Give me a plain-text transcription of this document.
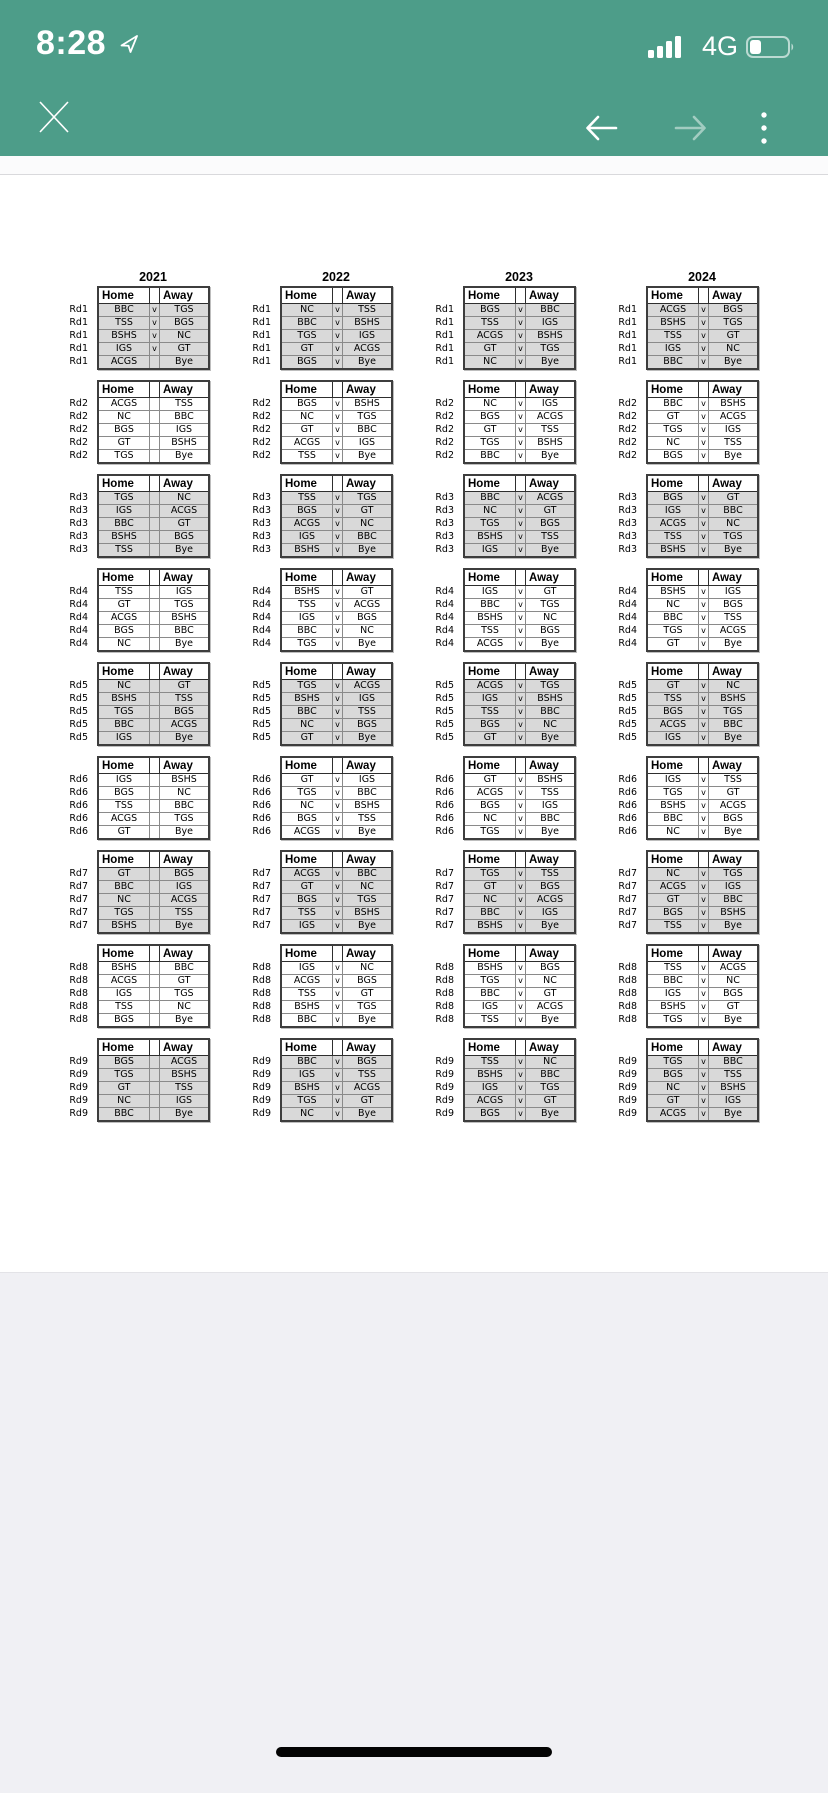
8:28	4G
2021
Rd1
Rd1
Rd1
Rd1
Rd1
Home		Away
BBC	v	TGS
TSS	v	BGS
BSHS	v	NC
IGS	v	GT
ACGS		Bye
Rd2
Rd2
Rd2
Rd2
Rd2
Home		Away
ACGS		TSS
NC		BBC
BGS		IGS
GT		BSHS
TGS		Bye
Rd3
Rd3
Rd3
Rd3
Rd3
Home		Away
TGS		NC
IGS		ACGS
BBC		GT
BSHS		BGS
TSS		Bye
Rd4
Rd4
Rd4
Rd4
Rd4
Home		Away
TSS		IGS
GT		TGS
ACGS		BSHS
BGS		BBC
NC		Bye
Rd5
Rd5
Rd5
Rd5
Rd5
Home		Away
NC		GT
BSHS		TSS
TGS		BGS
BBC		ACGS
IGS		Bye
Rd6
Rd6
Rd6
Rd6
Rd6
Home		Away
IGS		BSHS
BGS		NC
TSS		BBC
ACGS		TGS
GT		Bye
Rd7
Rd7
Rd7
Rd7
Rd7
Home		Away
GT		BGS
BBC		IGS
NC		ACGS
TGS		TSS
BSHS		Bye
Rd8
Rd8
Rd8
Rd8
Rd8
Home		Away
BSHS		BBC
ACGS		GT
IGS		TGS
TSS		NC
BGS		Bye
Rd9
Rd9
Rd9
Rd9
Rd9
Home		Away
BGS		ACGS
TGS		BSHS
GT		TSS
NC		IGS
BBC		Bye
2022
Rd1
Rd1
Rd1
Rd1
Rd1
Home		Away
NC	v	TSS
BBC	v	BSHS
TGS	v	IGS
GT	v	ACGS
BGS	v	Bye
Rd2
Rd2
Rd2
Rd2
Rd2
Home		Away
BGS	v	BSHS
NC	v	TGS
GT	v	BBC
ACGS	v	IGS
TSS	v	Bye
Rd3
Rd3
Rd3
Rd3
Rd3
Home		Away
TSS	v	TGS
BGS	v	GT
ACGS	v	NC
IGS	v	BBC
BSHS	v	Bye
Rd4
Rd4
Rd4
Rd4
Rd4
Home		Away
BSHS	v	GT
TSS	v	ACGS
IGS	v	BGS
BBC	v	NC
TGS	v	Bye
Rd5
Rd5
Rd5
Rd5
Rd5
Home		Away
TGS	v	ACGS
BSHS	v	IGS
BBC	v	TSS
NC	v	BGS
GT	v	Bye
Rd6
Rd6
Rd6
Rd6
Rd6
Home		Away
GT	v	IGS
TGS	v	BBC
NC	v	BSHS
BGS	v	TSS
ACGS	v	Bye
Rd7
Rd7
Rd7
Rd7
Rd7
Home		Away
ACGS	v	BBC
GT	v	NC
BGS	v	TGS
TSS	v	BSHS
IGS	v	Bye
Rd8
Rd8
Rd8
Rd8
Rd8
Home		Away
IGS	v	NC
ACGS	v	BGS
TSS	v	GT
BSHS	v	TGS
BBC	v	Bye
Rd9
Rd9
Rd9
Rd9
Rd9
Home		Away
BBC	v	BGS
IGS	v	TSS
BSHS	v	ACGS
TGS	v	GT
NC	v	Bye
2023
Rd1
Rd1
Rd1
Rd1
Rd1
Home		Away
BGS	v	BBC
TSS	v	IGS
ACGS	v	BSHS
GT	v	TGS
NC	v	Bye
Rd2
Rd2
Rd2
Rd2
Rd2
Home		Away
NC	v	IGS
BGS	v	ACGS
GT	v	TSS
TGS	v	BSHS
BBC	v	Bye
Rd3
Rd3
Rd3
Rd3
Rd3
Home		Away
BBC	v	ACGS
NC	v	GT
TGS	v	BGS
BSHS	v	TSS
IGS	v	Bye
Rd4
Rd4
Rd4
Rd4
Rd4
Home		Away
IGS	v	GT
BBC	v	TGS
BSHS	v	NC
TSS	v	BGS
ACGS	v	Bye
Rd5
Rd5
Rd5
Rd5
Rd5
Home		Away
ACGS	v	TGS
IGS	v	BSHS
TSS	v	BBC
BGS	v	NC
GT	v	Bye
Rd6
Rd6
Rd6
Rd6
Rd6
Home		Away
GT	v	BSHS
ACGS	v	TSS
BGS	v	IGS
NC	v	BBC
TGS	v	Bye
Rd7
Rd7
Rd7
Rd7
Rd7
Home		Away
TGS	v	TSS
GT	v	BGS
NC	v	ACGS
BBC	v	IGS
BSHS	v	Bye
Rd8
Rd8
Rd8
Rd8
Rd8
Home		Away
BSHS	v	BGS
TGS	v	NC
BBC	v	GT
IGS	v	ACGS
TSS	v	Bye
Rd9
Rd9
Rd9
Rd9
Rd9
Home		Away
TSS	v	NC
BSHS	v	BBC
IGS	v	TGS
ACGS	v	GT
BGS	v	Bye
2024
Rd1
Rd1
Rd1
Rd1
Rd1
Home		Away
ACGS	v	BGS
BSHS	v	TGS
TSS	v	GT
IGS	v	NC
BBC	v	Bye
Rd2
Rd2
Rd2
Rd2
Rd2
Home		Away
BBC	v	BSHS
GT	v	ACGS
TGS	v	IGS
NC	v	TSS
BGS	v	Bye
Rd3
Rd3
Rd3
Rd3
Rd3
Home		Away
BGS	v	GT
IGS	v	BBC
ACGS	v	NC
TSS	v	TGS
BSHS	v	Bye
Rd4
Rd4
Rd4
Rd4
Rd4
Home		Away
BSHS	v	IGS
NC	v	BGS
BBC	v	TSS
TGS	v	ACGS
GT	v	Bye
Rd5
Rd5
Rd5
Rd5
Rd5
Home		Away
GT	v	NC
TSS	v	BSHS
BGS	v	TGS
ACGS	v	BBC
IGS	v	Bye
Rd6
Rd6
Rd6
Rd6
Rd6
Home		Away
IGS	v	TSS
TGS	v	GT
BSHS	v	ACGS
BBC	v	BGS
NC	v	Bye
Rd7
Rd7
Rd7
Rd7
Rd7
Home		Away
NC	v	TGS
ACGS	v	IGS
GT	v	BBC
BGS	v	BSHS
TSS	v	Bye
Rd8
Rd8
Rd8
Rd8
Rd8
Home		Away
TSS	v	ACGS
BBC	v	NC
IGS	v	BGS
BSHS	v	GT
TGS	v	Bye
Rd9
Rd9
Rd9
Rd9
Rd9
Home		Away
TGS	v	BBC
BGS	v	TSS
NC	v	BSHS
GT	v	IGS
ACGS	v	Bye
